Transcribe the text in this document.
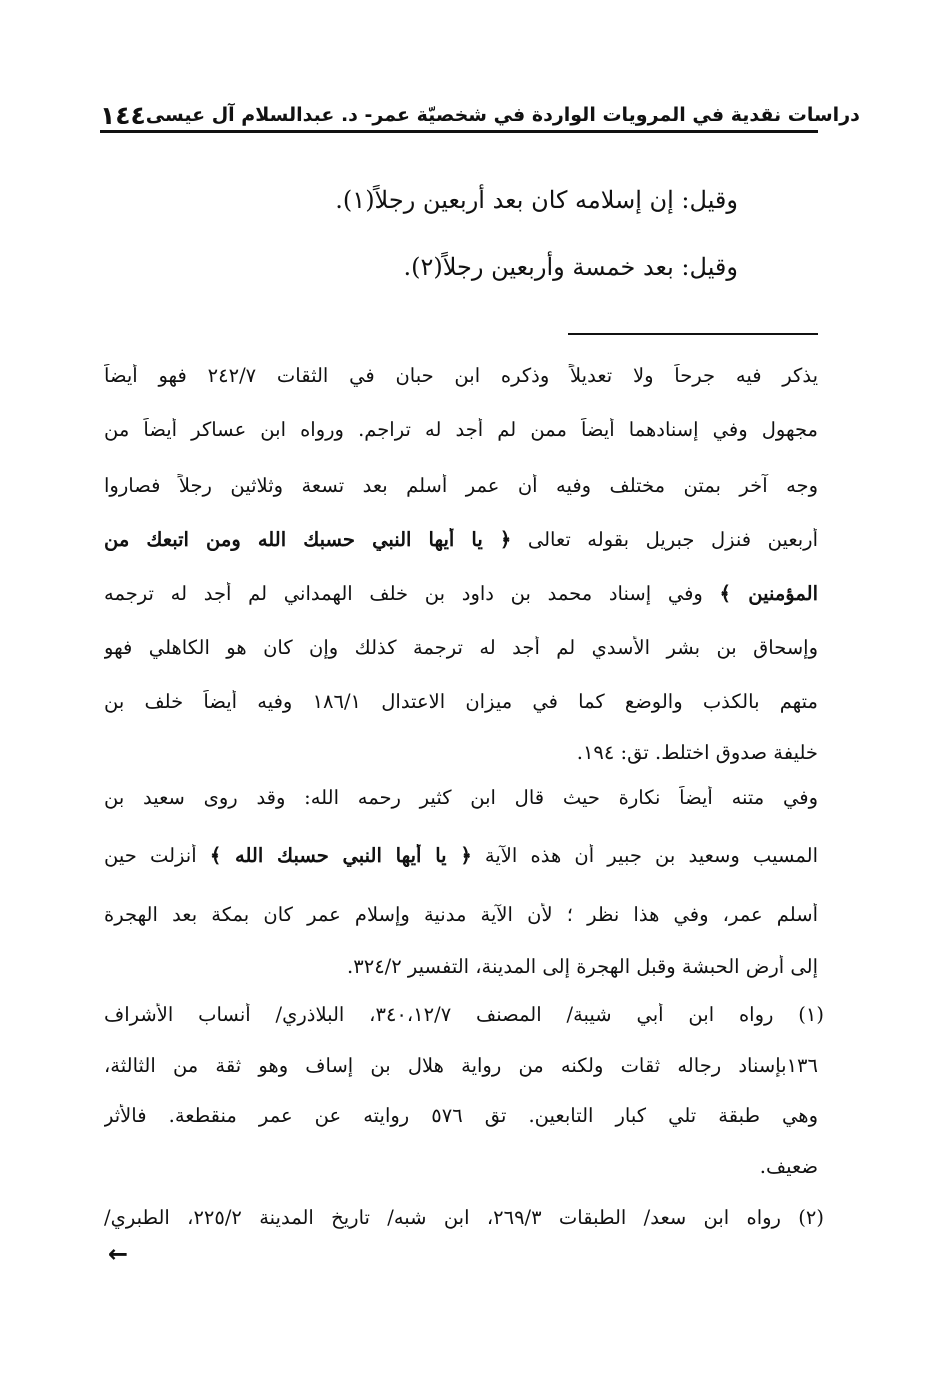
١٤٤ دراسات نقدية في المرويات الواردة في شخصيّة عمر- د. عبدالسلام آل عيسى
وقيل: إن إسلامه كان بعد أربعين رجلاً(١).
وقيل: بعد خمسة وأربعين رجلاً(٢).
يذكر فيه جرحاً ولا تعديلاً وذكره ابن حبان في الثقات ٢٤٢/٧ فهو أيضاً
مجهول وفي إسنادهما أيضاً ممن لم أجد له تراجم. ورواه ابن عساكر أيضاً من
وجه آخر بمتن مختلف وفيه أن عمر أسلم بعد تسعة وثلاثين رجلاً فصاروا
أربعين فنزل جبريل بقوله تعالى ﴿ يا أيها النبي حسبك الله ومن اتبعك من
المؤمنين ﴾ وفي إسناد محمد بن داود بن خلف الهمداني لم أجد له ترجمه
وإسحاق بن بشر الأسدي لم أجد له ترجمة كذلك وإن كان هو الكاهلي فهو
متهم بالكذب والوضع كما في ميزان الاعتدال ١٨٦/١ وفيه أيضاً خلف بن
خليفة صدوق اختلط. تق: ١٩٤.
وفي متنه أيضاً نكارة حيث قال ابن كثير رحمه الله: وقد روى سعيد بن
المسيب وسعيد بن جبير أن هذه الآية ﴿ يا أيها النبي حسبك الله ﴾ أنزلت حين
أسلم عمر، وفي هذا نظر ؛ لأن الآية مدنية وإسلام عمر كان بمكة بعد الهجرة
إلى أرض الحبشة وقبل الهجرة إلى المدينة، التفسير ٣٢٤/٢.
(١) رواه ابن أبي شيبة/ المصنف ٣٤٠،١٢/٧، البلاذري/ أنساب الأشراف
١٣٦بإسناد رجاله ثقات ولكنه من رواية هلال بن إساف وهو ثقة من الثالثة،
وهي طبقة تلي كبار التابعين. تق ٥٧٦ روايته عن عمر منقطعة. فالأثر
ضعيف.
(٢) رواه ابن سعد/ الطبقات ٢٦٩/٣، ابن شبه/ تاريخ المدينة ٢٢٥/٢، الطبري/
←
